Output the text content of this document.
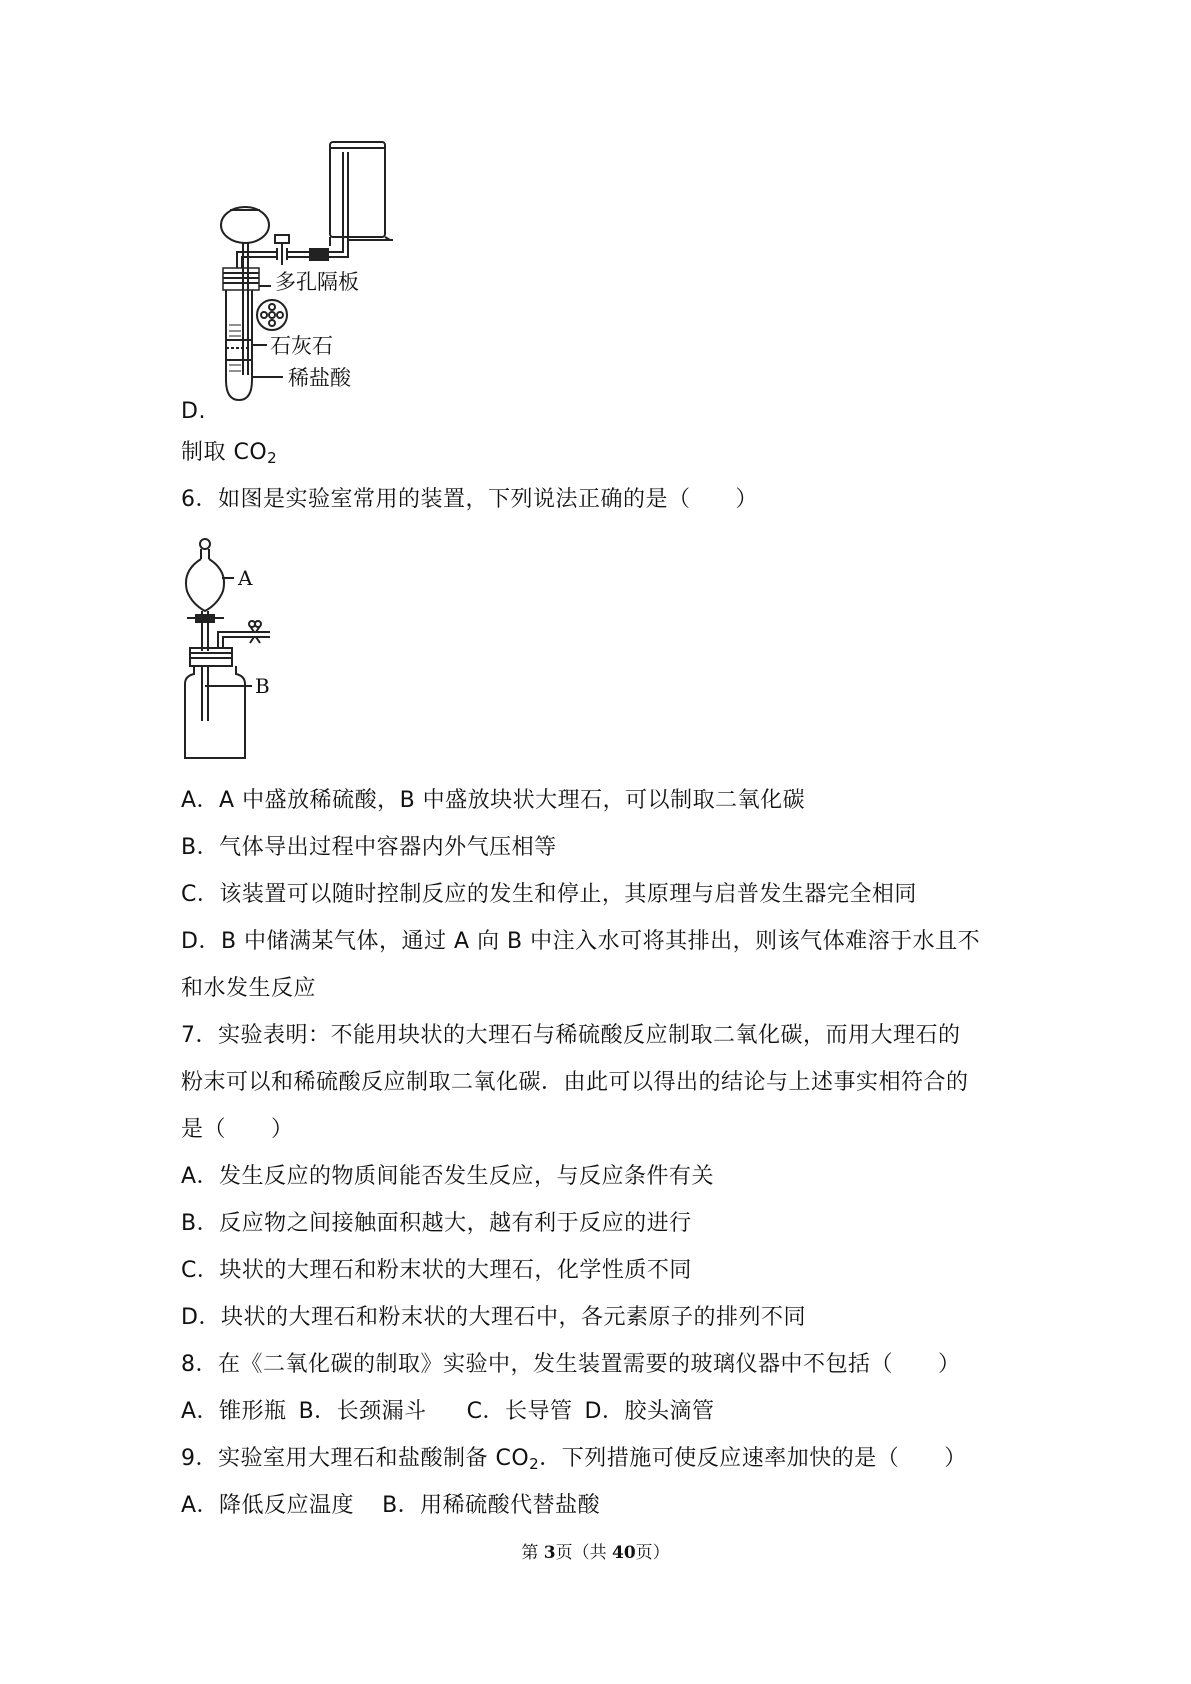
多孔隔板
石灰石
稀盐酸
D.
制取 $CO_2$
6．如图是实验室常用的装置，下列说法正确的是（　　）
A
B
A．A 中盛放稀硫酸，B 中盛放块状大理石，可以制取二氧化碳
B．气体导出过程中容器内外气压相等
C．该装置可以随时控制反应的发生和停止，其原理与启普发生器完全相同
D．B 中储满某气体，通过 A 向 B 中注入水可将其排出，则该气体难溶于水且不
和水发生反应
7．实验表明：不能用块状的大理石与稀硫酸反应制取二氧化碳，而用大理石的
粉末可以和稀硫酸反应制取二氧化碳．由此可以得出的结论与上述事实相符合的
是（　　）
A．发生反应的物质间能否发生反应，与反应条件有关
B．反应物之间接触面积越大，越有利于反应的进行
C．块状的大理石和粉末状的大理石，化学性质不同
D．块状的大理石和粉末状的大理石中，各元素原子的排列不同
8．在《二氧化碳的制取》实验中，发生装置需要的玻璃仪器中不包括（　　）
A．锥形瓶 B．长颈漏斗 C．长导管 D．胶头滴管
9．实验室用大理石和盐酸制备 $CO_2$．下列措施可使反应速率加快的是（　　）
A．降低反应温度 B．用稀硫酸代替盐酸
第 3页（共 40页）
